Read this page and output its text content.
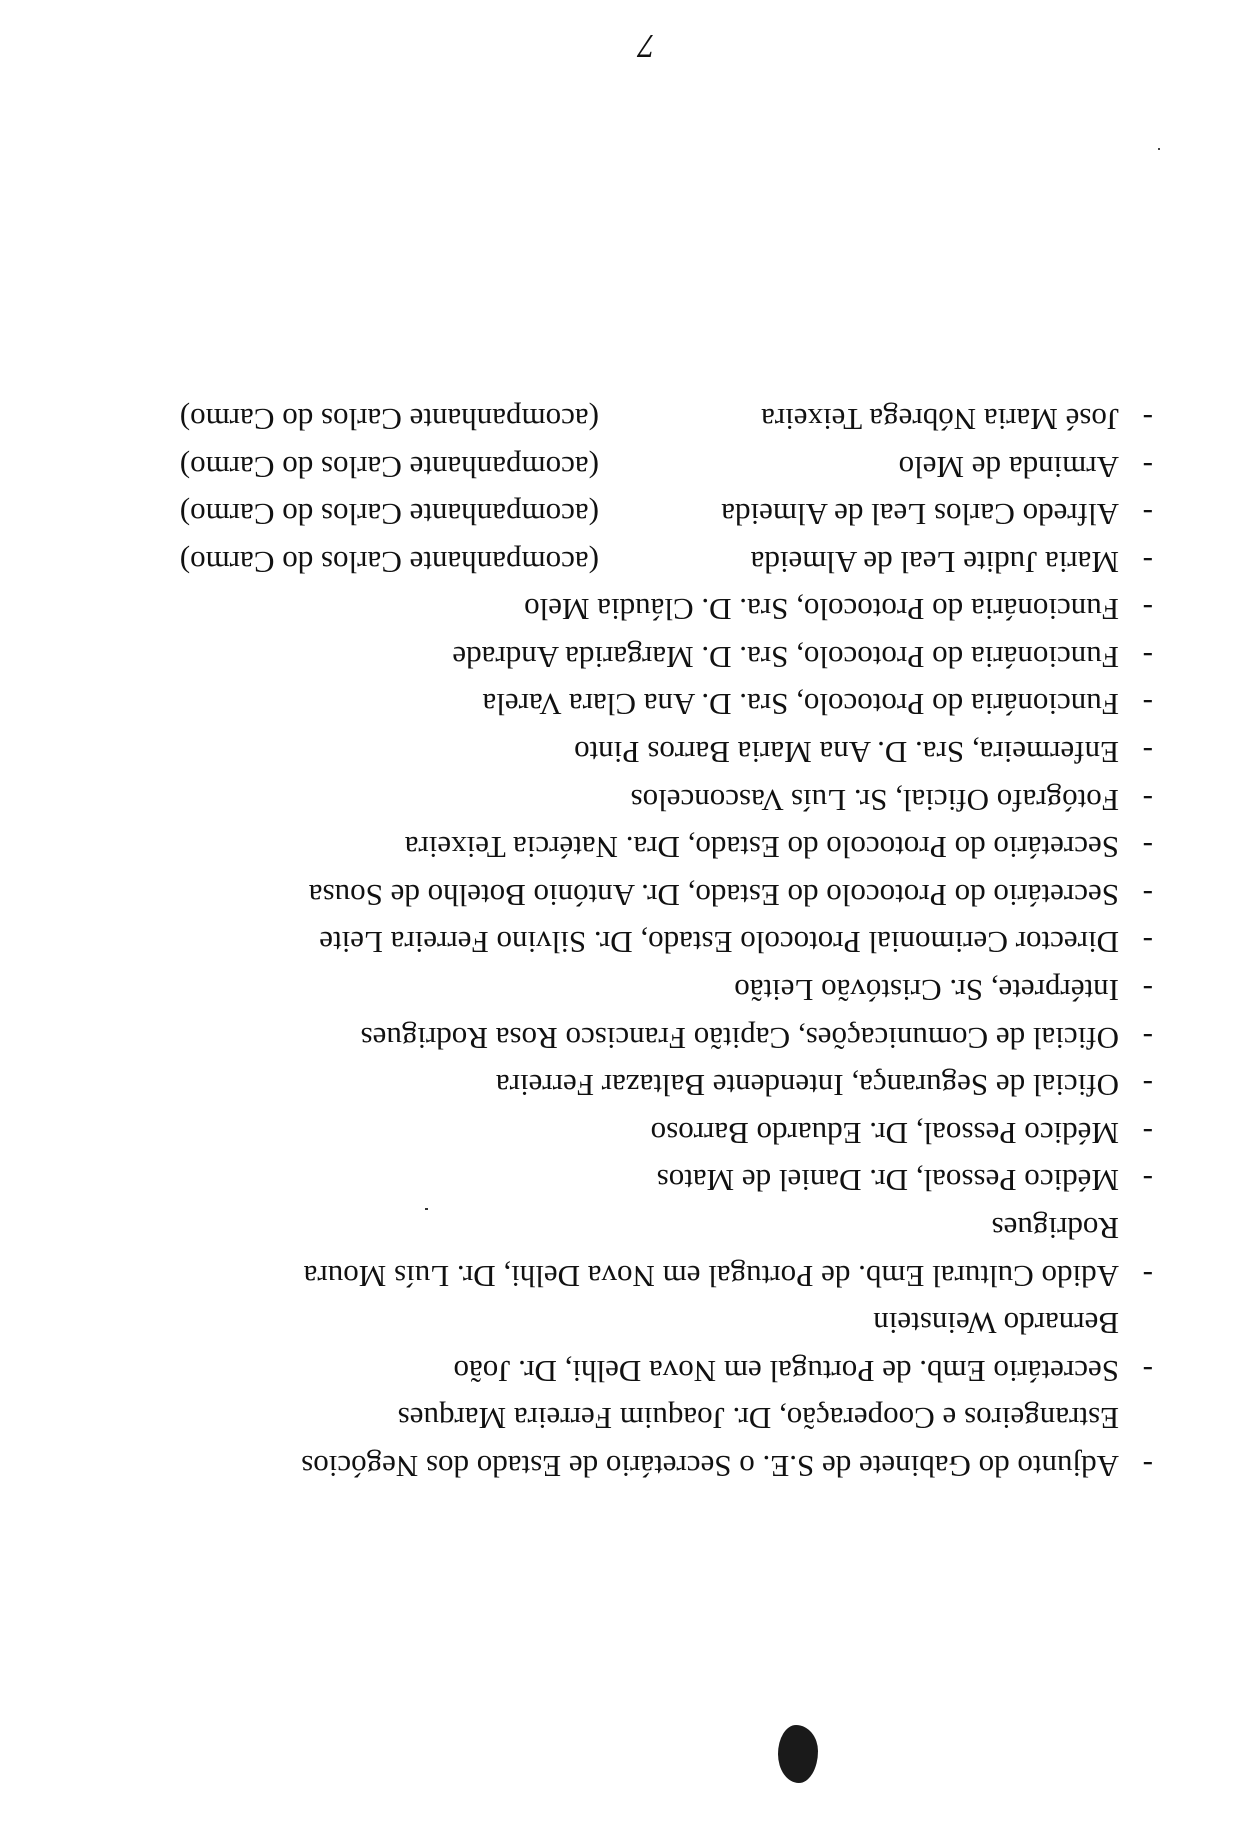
-
Adjunto do Gabinete de S.E. o Secretário de Estado dos Negócios
Estrangeiros e Cooperação, Dr. Joaquim Ferreira Marques
-
Secretário Emb. de Portugal em Nova Delhi, Dr. João
Bernardo Weinstein
-
Adido Cultural Emb. de Portugal em Nova Delhi, Dr. Luís Moura
Rodrigues
-
Médico Pessoal, Dr. Daniel de Matos
-
Médico Pessoal, Dr. Eduardo Barroso
-
Oficial de Segurança, Intendente Baltazar Ferreira
-
Oficial de Comunicações, Capitão Francisco Rosa Rodrigues
-
Intérprete, Sr. Cristóvão Leitão
-
Director Cerimonial Protocolo Estado, Dr. Silvino Ferreira Leite
-
Secretário do Protocolo do Estado, Dr. António Botelho de Sousa
-
Secretário do Protocolo do Estado, Dra. Natércia Teixeira
-
Fotógrafo Oficial, Sr. Luís Vasconcelos
-
Enfermeira, Sra. D. Ana Maria Barros Pinto
-
Funcionária do Protocolo, Sra. D. Ana Clara Varela
-
Funcionária do Protocolo, Sra. D. Margarida Andrade
-
Funcionária do Protocolo, Sra. D. Cláudia Melo
-
Maria Judite Leal de Almeida
(acompanhante Carlos do Carmo)
-
Alfredo Carlos Leal de Almeida
(acompanhante Carlos do Carmo)
-
Arminda de Melo
(acompanhante Carlos do Carmo)
-
José Maria Nóbrega Teixeira
(acompanhante Carlos do Carmo)
7
